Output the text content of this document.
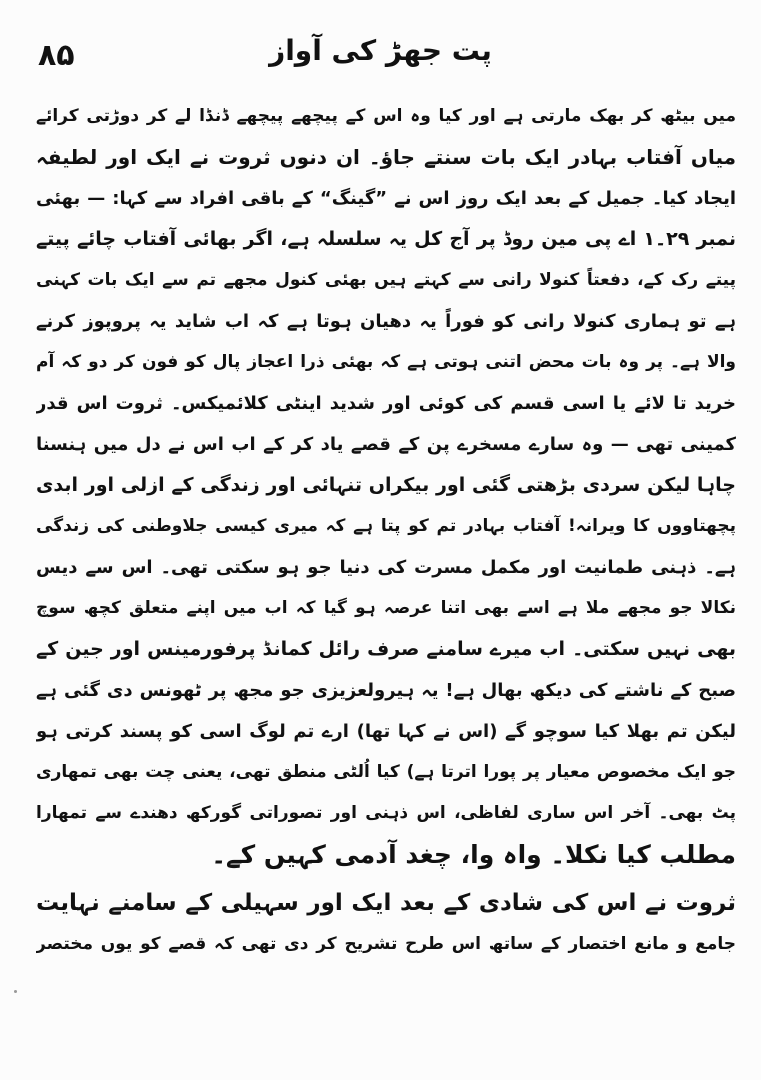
۸۵	پت جھڑ کی آواز
میں بیٹھ کر بھک مارتی ہے اور کیا وہ اس کے پیچھے پیچھے ڈنڈا لے کر دوڑتی کرائے
میاں آفتاب بہادر ایک بات سنتے جاؤ۔ ان دنوں ثروت نے ایک اور لطیفہ
ایجاد کیا۔ جمیل کے بعد ایک روز اس نے ”گینگ“ کے باقی افراد سے کہا: — بھئی
نمبر ۲۹۔۱ اے پی مین روڈ پر آج کل یہ سلسلہ ہے، اگر بھائی آفتاب چائے پیتے
پیتے رک کے، دفعتاً کنولا رانی سے کہتے ہیں بھئی کنول مجھے تم سے ایک بات کہنی
ہے تو ہماری کنولا رانی کو فوراً یہ دھیان ہوتا ہے کہ اب شاید یہ پروپوز کرنے
والا ہے۔ پر وہ بات محض اتنی ہوتی ہے کہ بھئی ذرا اعجاز پال کو فون کر دو کہ آم
خرید تا لائے یا اسی قسم کی کوئی اور شدید اینٹی کلائمیکس۔ ثروت اس قدر
کمینی تھی — وہ سارے مسخرے پن کے قصے یاد کر کے اب اس نے دل میں ہنسنا
چاہا لیکن سردی بڑھتی گئی اور بیکراں تنہائی اور زندگی کے ازلی اور ابدی
پچھتاووں کا ویرانہ! آفتاب بہادر تم کو پتا ہے کہ میری کیسی جلاوطنی کی زندگی
ہے۔ ذہنی طمانیت اور مکمل مسرت کی دنیا جو ہو سکتی تھی۔ اس سے دیس
نکالا جو مجھے ملا ہے اسے بھی اتنا عرصہ ہو گیا کہ اب میں اپنے متعلق کچھ سوچ
بھی نہیں سکتی۔ اب میرے سامنے صرف رائل کمانڈ پرفورمینس اور جین کے
صبح کے ناشتے کی دیکھ بھال ہے! یہ ہیرولعزیزی جو مجھ پر ٹھونس دی گئی ہے
لیکن تم بھلا کیا سوچو گے (اس نے کہا تھا) ارے تم لوگ اسی کو پسند کرتی ہو
جو ایک مخصوص معیار پر پورا اترتا ہے) کیا اُلٹی منطق تھی، یعنی چت بھی تمھاری
پٹ بھی۔ آخر اس ساری لفاظی، اس ذہنی اور تصوراتی گورکھ دھندے سے تمھارا
مطلب کیا نکلا۔ واہ وا، چغد آدمی کہیں کے۔
ثروت نے اس کی شادی کے بعد ایک اور سہیلی کے سامنے نہایت
جامع و مانع اختصار کے ساتھ اس طرح تشریح کر دی تھی کہ قصے کو یوں مختصر
